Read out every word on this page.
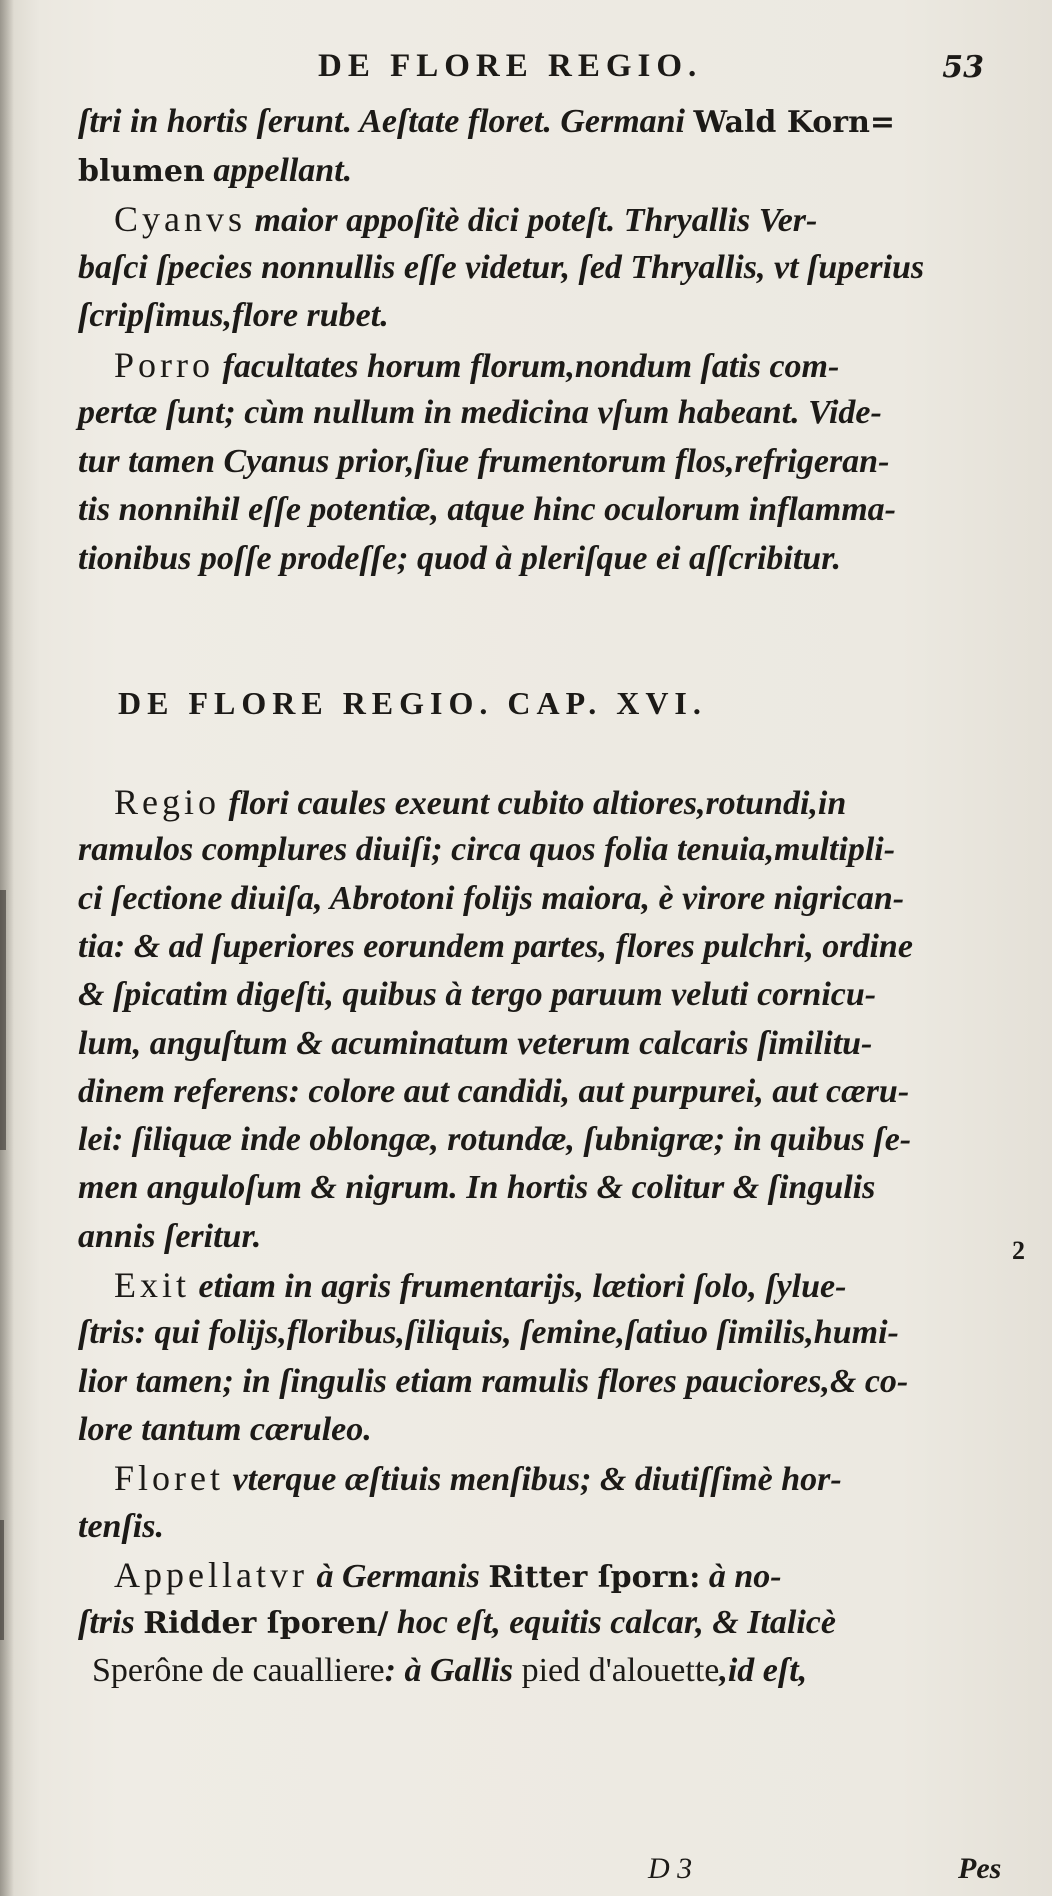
DE FLORE REGIO.	53
DE FLORE REGIO. CAP. XVI.
2
D 3	Pes
ſtri in hortis ſerunt. Aeſtate floret. Germani Wald Korn=
blumen appellant.
Cyanvs maior appoſitè dici poteſt. Thryallis Ver-
baſci ſpecies nonnullis eſſe videtur, ſed Thryallis, vt ſuperius
ſcripſimus,flore rubet.
Porro facultates horum florum,nondum ſatis com-
pertæ ſunt; cùm nullum in medicina vſum habeant. Vide-
tur tamen Cyanus prior,ſiue frumentorum flos,refrigeran-
tis nonnihil eſſe potentiæ, atque hinc oculorum inflamma-
tionibus poſſe prodeſſe; quod à pleriſque ei aſſcribitur.
Regio flori caules exeunt cubito altiores,rotundi,in
ramulos complures diuiſi; circa quos folia tenuia,multipli-
ci ſectione diuiſa, Abrotoni folijs maiora, è virore nigrican-
tia: & ad ſuperiores eorundem partes, flores pulchri, ordine
& ſpicatim digeſti, quibus à tergo paruum veluti cornicu-
lum, anguſtum & acuminatum veterum calcaris ſimilitu-
dinem referens: colore aut candidi, aut purpurei, aut cæru-
lei: ſiliquæ inde oblongæ, rotundæ, ſubnigræ; in quibus ſe-
men anguloſum & nigrum. In hortis & colitur & ſingulis
annis ſeritur.
Exit etiam in agris frumentarijs, lætiori ſolo, ſylue-
ſtris: qui folijs,floribus,ſiliquis, ſemine,ſatiuo ſimilis,humi-
lior tamen; in ſingulis etiam ramulis flores pauciores,& co-
lore tantum cæruleo.
Floret vterque æſtiuis menſibus; & diutiſſimè hor-
tenſis.
Appellatvr à Germanis Ritter ſporn: à no-
ſtris Ridder ſporen/ hoc eſt, equitis calcar, & Italicè
Sperône de caualliere: à Gallis pied d'alouette,id eſt,
